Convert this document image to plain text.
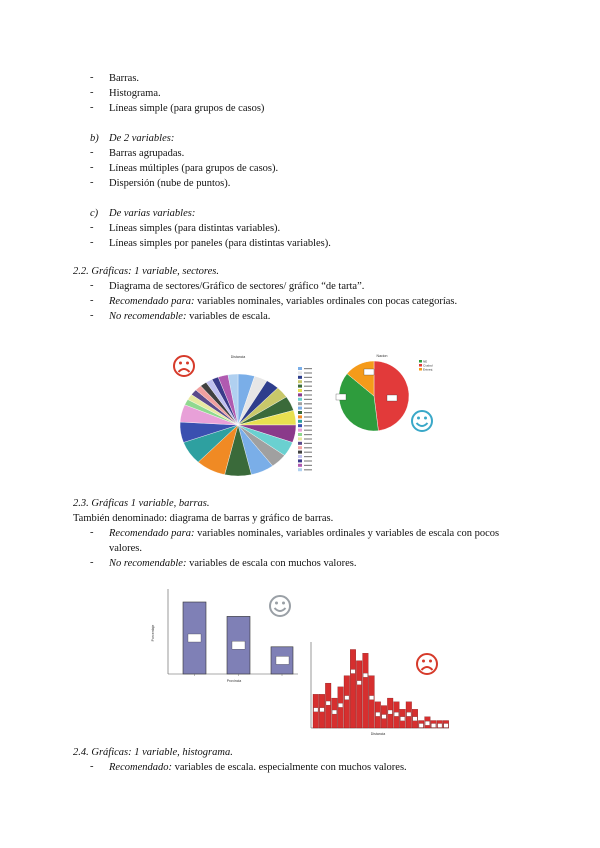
- Barras.
- Histograma.
- Líneas simple (para grupos de casos)
b) De 2 variables:
- Barras agrupadas.
- Líneas múltiples (para grupos de casos).
- Dispersión (nube de puntos).
c) De varias variables:
- Líneas simples (para distintas variables).
- Líneas simples por paneles (para distintas variables).
2.2. Gráficas: 1 variable, sectores.
- Diagrama de sectores/Gráfico de sectores/ gráfico “de tarta”.
- Recomendado para: variables nominales, variables ordinales con pocas categorías.
- No recomendable: variables de escala.
Distancia	Nacion
NE
Ciudad
Extranj.
2.3. Gráficas 1 variable, barras.
También denominado: diagrama de barras y gráfico de barras.
- Recomendado para: variables nominales, variables ordinales y variables de escala con pocos
valores.
- No recomendable: variables de escala con muchos valores.
Porcentaje
Provincia
Distancia
2.4. Gráficas: 1 variable, histograma.
- Recomendado: variables de escala. especialmente con muchos valores.
